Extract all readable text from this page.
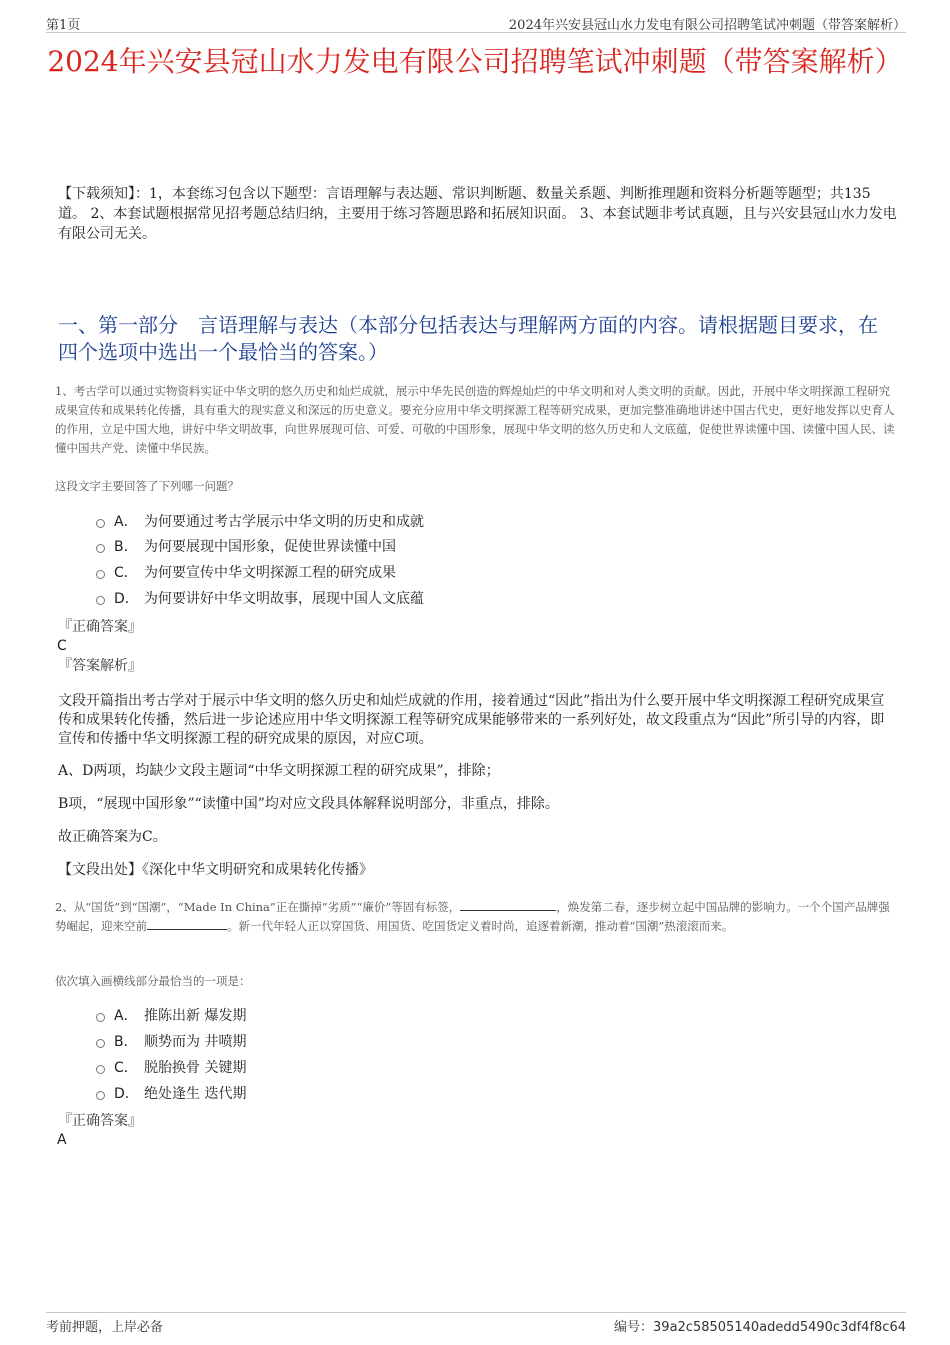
第1页	2024年兴安县冠山水力发电有限公司招聘笔试冲刺题（带答案解析）
2024年兴安县冠山水力发电有限公司招聘笔试冲刺题（带答案解析）
【下载须知】：1，本套练习包含以下题型：言语理解与表达题、常识判断题、数量关系题、判断推理题和资料分析题等题型；共135道。 2、本套试题根据常见招考题总结归纳，主要用于练习答题思路和拓展知识面。 3、本套试题非考试真题，且与兴安县冠山水力发电有限公司无关。
一、第一部分　言语理解与表达（本部分包括表达与理解两方面的内容。请根据题目要求，在四个选项中选出一个最恰当的答案。）
1、考古学可以通过实物资料实证中华文明的悠久历史和灿烂成就，展示中华先民创造的辉煌灿烂的中华文明和对人类文明的贡献。因此，开展中华文明探源工程研究成果宣传和成果转化传播，具有重大的现实意义和深远的历史意义。要充分应用中华文明探源工程等研究成果，更加完整准确地讲述中国古代史，更好地发挥以史育人的作用，立足中国大地，讲好中华文明故事，向世界展现可信、可爱、可敬的中国形象，展现中华文明的悠久历史和人文底蕴，促使世界读懂中国、读懂中国人民、读懂中国共产党、读懂中华民族。
这段文字主要回答了下列哪一问题？
A． 为何要通过考古学展示中华文明的历史和成就
B． 为何要展现中国形象，促使世界读懂中国
C． 为何要宣传中华文明探源工程的研究成果
D． 为何要讲好中华文明故事，展现中国人文底蕴
『正确答案』
C
『答案解析』
文段开篇指出考古学对于展示中华文明的悠久历史和灿烂成就的作用，接着通过“因此”指出为什么要开展中华文明探源工程研究成果宣传和成果转化传播，然后进一步论述应用中华文明探源工程等研究成果能够带来的一系列好处，故文段重点为“因此”所引导的内容，即宣传和传播中华文明探源工程的研究成果的原因，对应C项。
A、D两项，均缺少文段主题词“中华文明探源工程的研究成果”，排除；
B项，“展现中国形象”“读懂中国”均对应文段具体解释说明部分，非重点，排除。
故正确答案为C。
【文段出处】《深化中华文明研究和成果转化传播》
2、从“国货”到“国潮”，“Made In China”正在撕掉“劣质”“廉价”等固有标签，	，焕发第二春，逐步树立起中国品牌的影响力。一个个国产品牌强势崛起，迎来空前	。新一代年轻人正以穿国货、用国货、吃国货定义着时尚，追逐着新潮，推动着“国潮”热滚滚而来。
依次填入画横线部分最恰当的一项是：
A． 推陈出新 爆发期
B． 顺势而为 井喷期
C． 脱胎换骨 关键期
D． 绝处逢生 迭代期
『正确答案』
A
考前押题，上岸必备	编号：39a2c58505140adedd5490c3df4f8c64
